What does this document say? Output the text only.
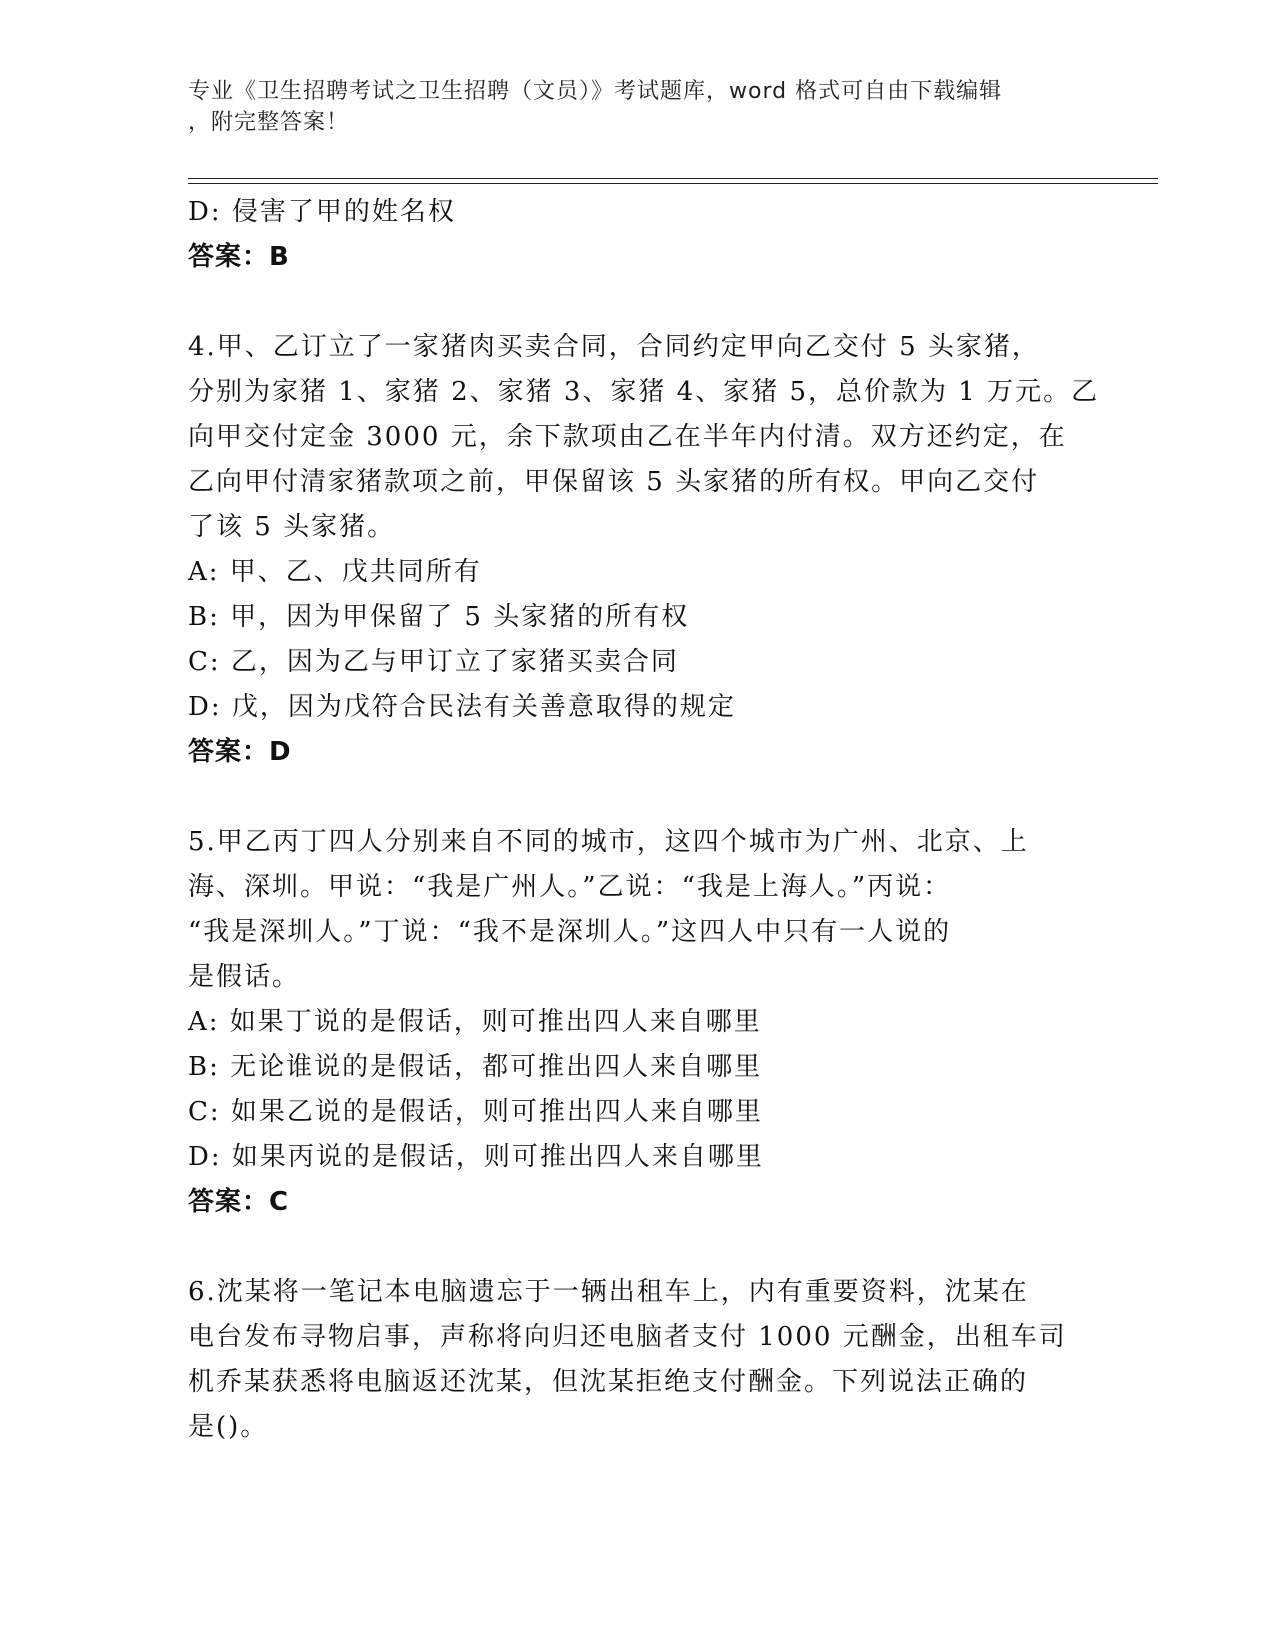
专业《卫生招聘考试之卫生招聘（文员）》考试题库，word 格式可自由下载编辑
，附完整答案！
D: 侵害了甲的姓名权
答案：B
4.甲、乙订立了一家猪肉买卖合同，合同约定甲向乙交付 5 头家猪，
分别为家猪 1、家猪 2、家猪 3、家猪 4、家猪 5，总价款为 1 万元。乙
向甲交付定金 3000 元，余下款项由乙在半年内付清。双方还约定，在
乙向甲付清家猪款项之前，甲保留该 5 头家猪的所有权。甲向乙交付
了该 5 头家猪。
A: 甲、乙、戊共同所有
B: 甲，因为甲保留了 5 头家猪的所有权
C: 乙，因为乙与甲订立了家猪买卖合同
D: 戊，因为戊符合民法有关善意取得的规定
答案：D
5.甲乙丙丁四人分别来自不同的城市，这四个城市为广州、北京、上
海、深圳。甲说：“我是广州人。”乙说：“我是上海人。”丙说：
“我是深圳人。”丁说：“我不是深圳人。”这四人中只有一人说的
是假话。
A: 如果丁说的是假话，则可推出四人来自哪里
B: 无论谁说的是假话，都可推出四人来自哪里
C: 如果乙说的是假话，则可推出四人来自哪里
D: 如果丙说的是假话，则可推出四人来自哪里
答案：C
6.沈某将一笔记本电脑遗忘于一辆出租车上，内有重要资料，沈某在
电台发布寻物启事，声称将向归还电脑者支付 1000 元酬金，出租车司
机乔某获悉将电脑返还沈某，但沈某拒绝支付酬金。下列说法正确的
是()。
